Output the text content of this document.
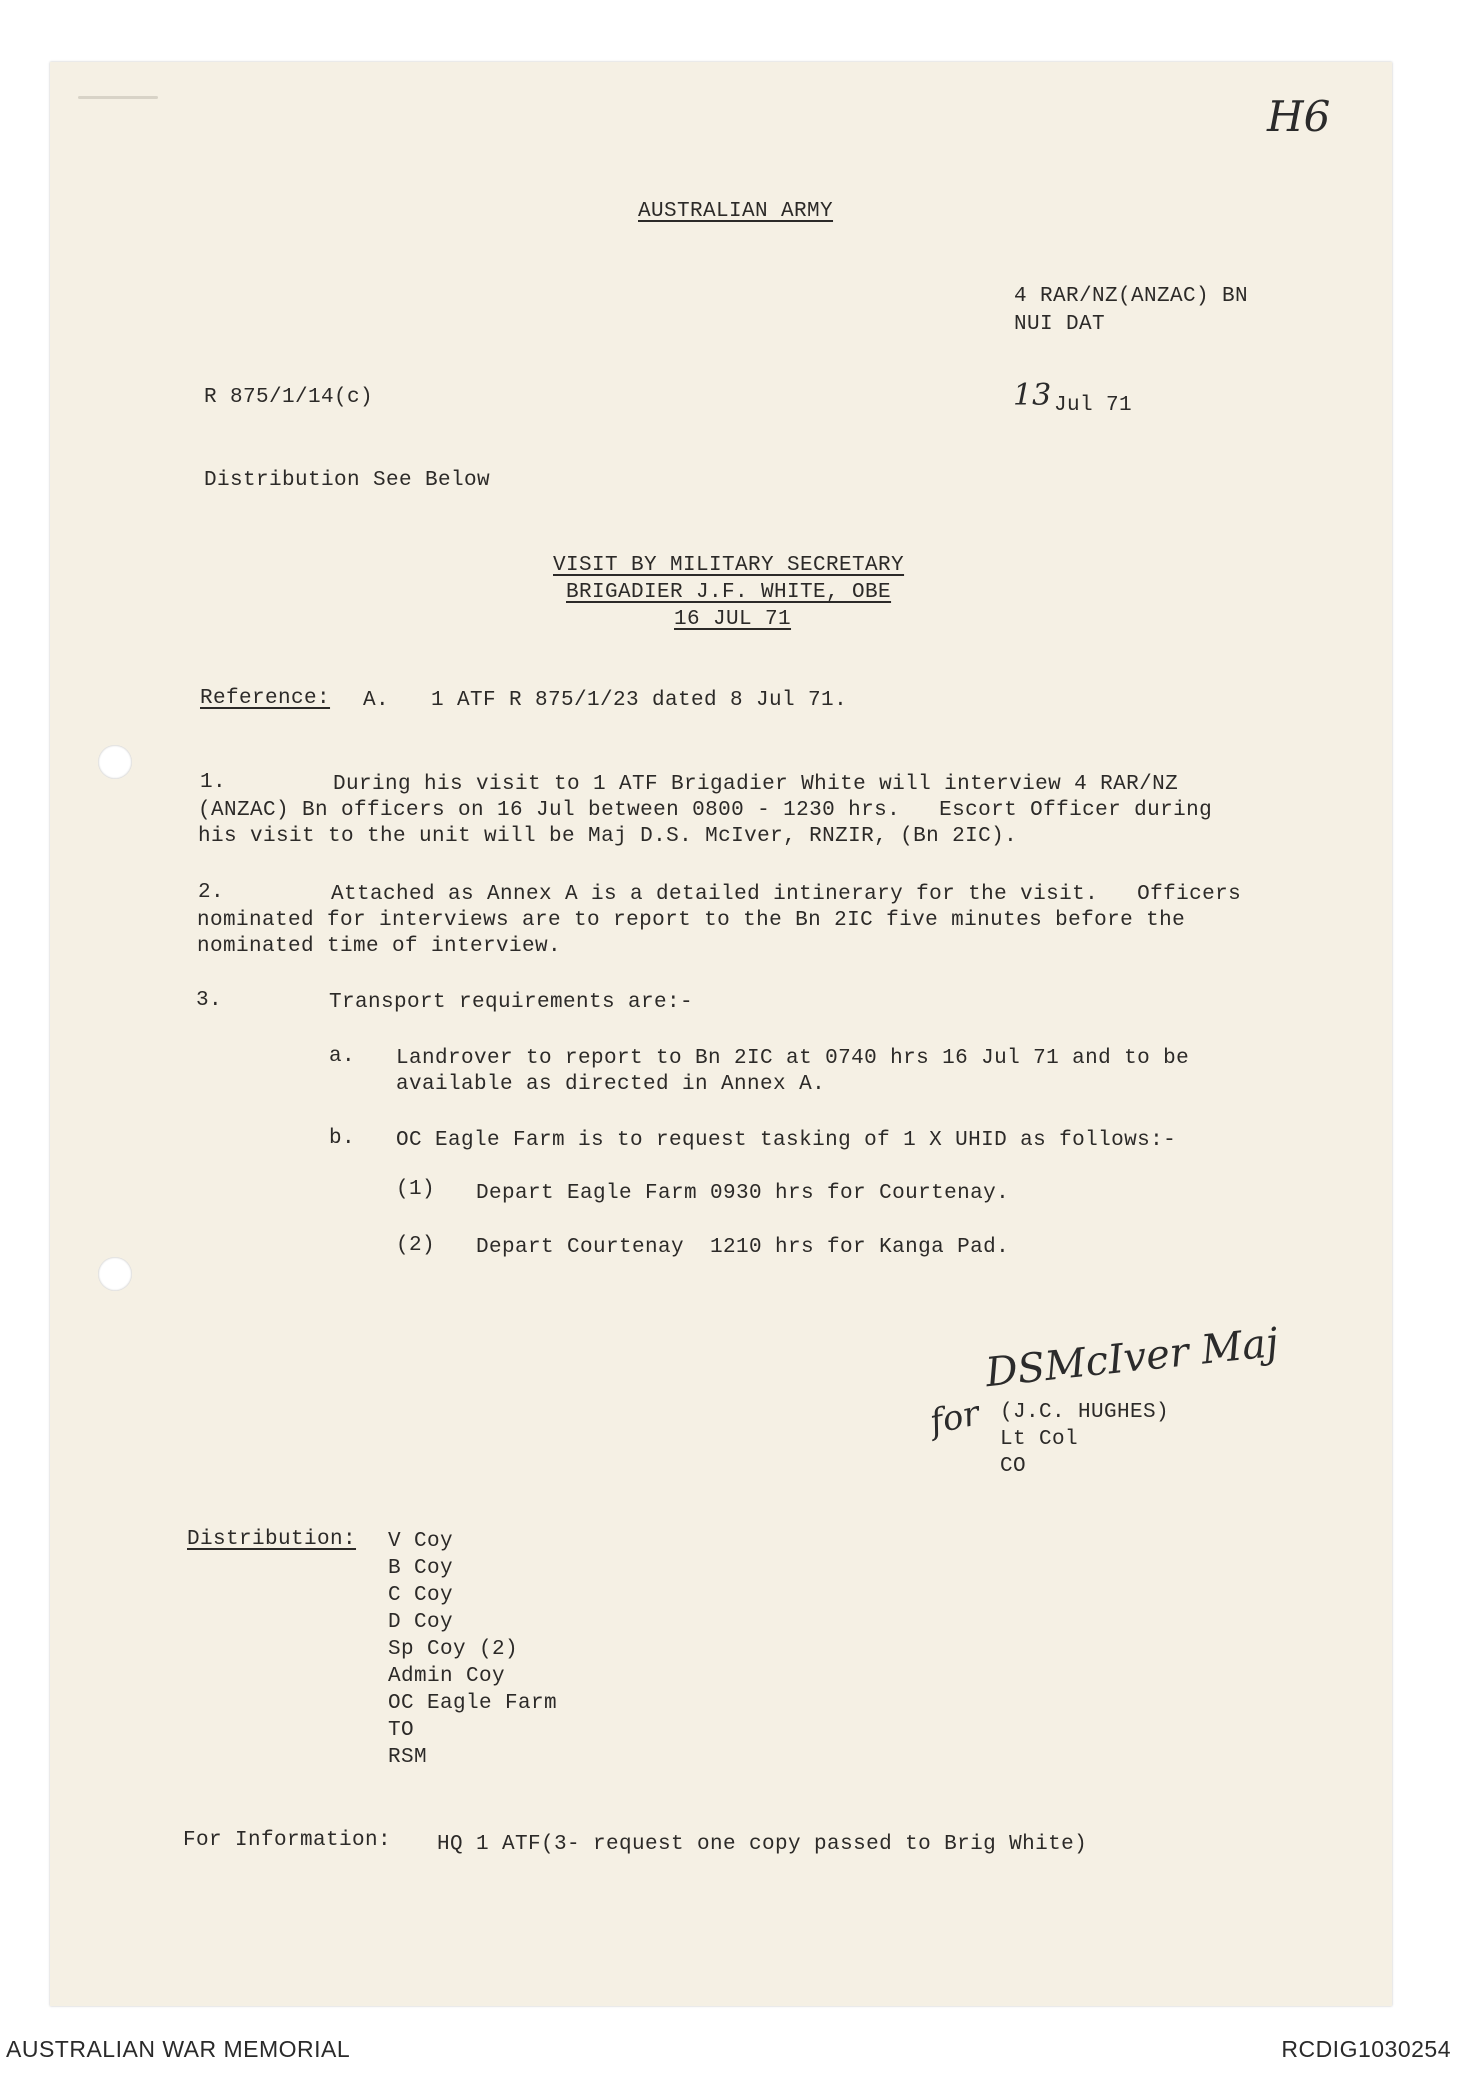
H6
AUSTRALIAN ARMY
4 RAR/NZ(ANZAC) BN
NUI DAT
R 875/1/14(c)	13 Jul 71
Distribution See Below
VISIT BY MILITARY SECRETARY
BRIGADIER J.F. WHITE, OBE
16 JUL 71
Reference: A. 1 ATF R 875/1/23 dated 8 Jul 71.
1.	During his visit to 1 ATF Brigadier White will interview 4 RAR/NZ
(ANZAC) Bn officers on 16 Jul between 0800 - 1230 hrs.   Escort Officer during
his visit to the unit will be Maj D.S. McIver, RNZIR, (Bn 2IC).
2.	Attached as Annex A is a detailed intinerary for the visit.   Officers
nominated for interviews are to report to the Bn 2IC five minutes before the
nominated time of interview.
3.	Transport requirements are:-
a. Landrover to report to Bn 2IC at 0740 hrs 16 Jul 71 and to be
available as directed in Annex A.
b. OC Eagle Farm is to request tasking of 1 X UHID as follows:-
(1) Depart Eagle Farm 0930 hrs for Courtenay.
(2) Depart Courtenay  1210 hrs for Kanga Pad.
DSMcIver Maj
for (J.C. HUGHES)
Lt Col
CO
Distribution: V Coy
B Coy
C Coy
D Coy
Sp Coy (2)
Admin Coy
OC Eagle Farm
TO
RSM
For Information: HQ 1 ATF(3- request one copy passed to Brig White)
AUSTRALIAN WAR MEMORIAL	RCDIG1030254
